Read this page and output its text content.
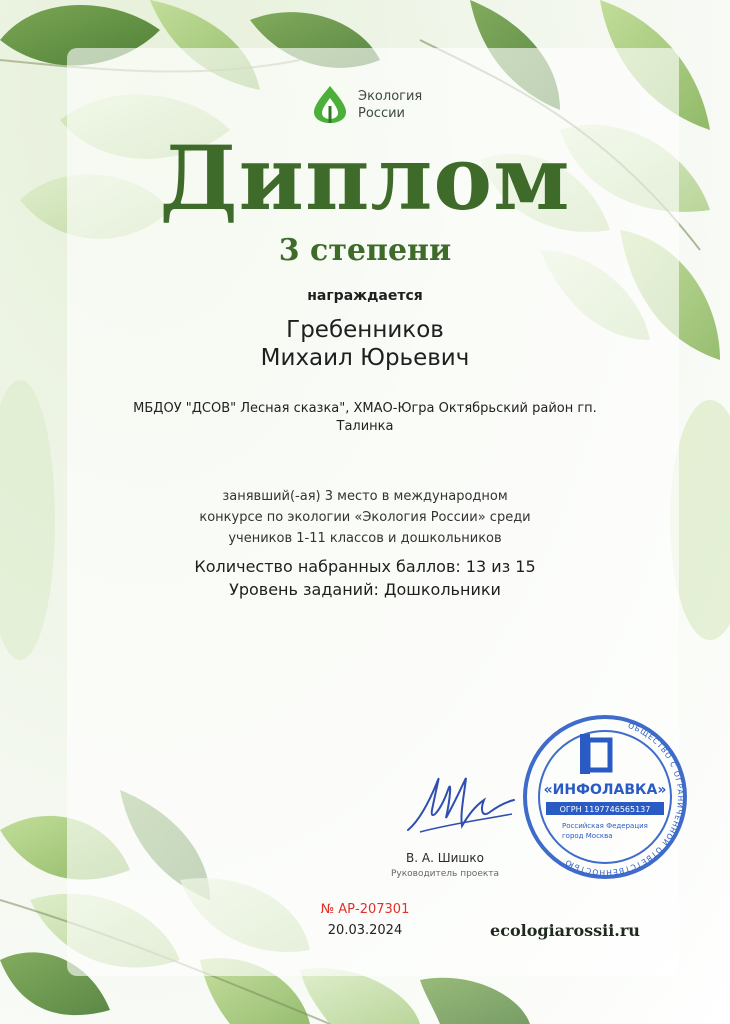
Экология
России
Диплом
3 степени
награждается
Гребенников
Михаил Юрьевич
МБДОУ "ДСОВ" Лесная сказка", ХМАО-Югра Октябрьский район гп.
Талинка
занявший(-ая) 3 место в международном
конкурсе по экологии «Экология России» среди
учеников 1-11 классов и дошкольников
Количество набранных баллов: 13 из 15
Уровень заданий: Дошкольники
В. А. Шишко
Руководитель проекта
ОБЩЕСТВО С ОГРАНИЧЕННОЙ ОТВЕТСТВЕННОСТЬЮ
«ИНФОЛАВКА»
ОГРН 1197746565137
Российская Федерация
город Москва
№ АР-207301
20.03.2024	ecologiarossii.ru
